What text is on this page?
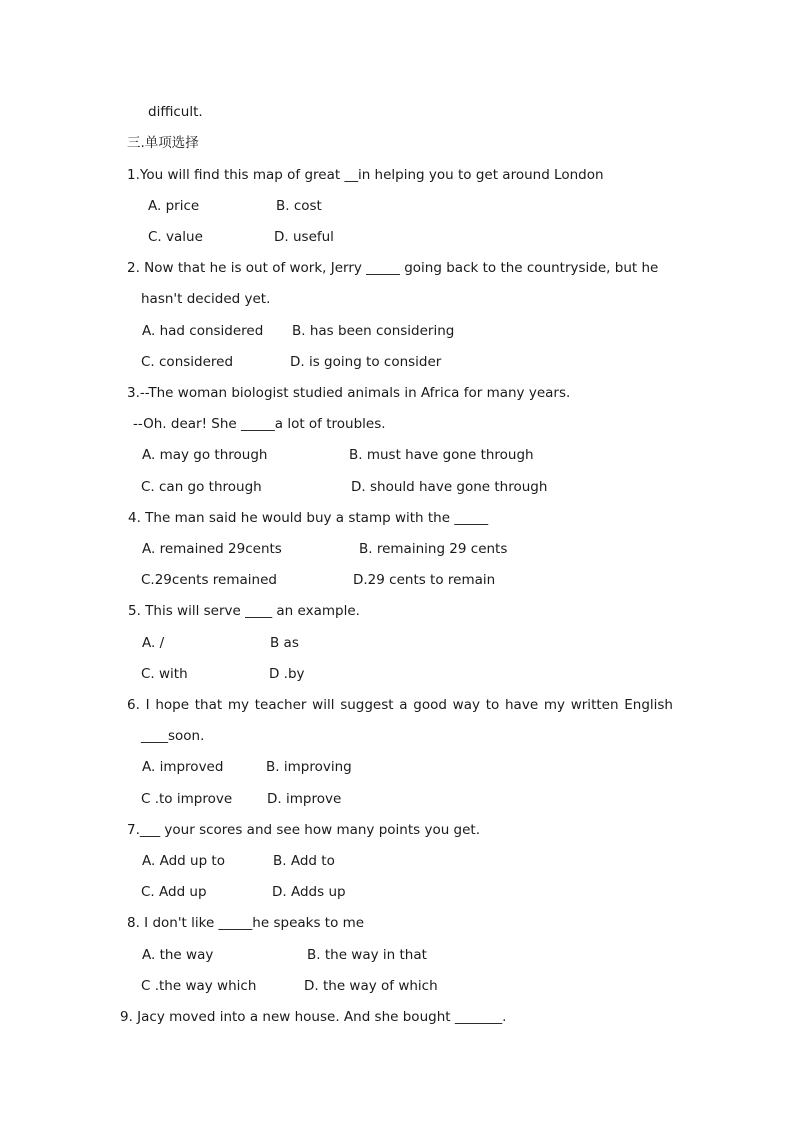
difficult.
三.单项选择
1.You will find this map of great __in helping you to get around London
A. price	B. cost
C. value	D. useful
2. Now that he is out of work, Jerry _____ going back to the countryside, but he
hasn't decided yet.
A. had considered B. has been considering
C. considered	D. is going to consider
3.--The woman biologist studied animals in Africa for many years.
--Oh. dear! She _____a lot of troubles.
A. may go through	B. must have gone through
C. can go through	D. should have gone through
4. The man said he would buy a stamp with the _____
A. remained 29cents	B. remaining 29 cents
C.29cents remained	D.29 cents to remain
5. This will serve ____ an example.
A. /	B as
C. with	D .by
6. I hope that my teacher will suggest a good way to have my written English
____soon.
A. improved	B. improving
C .to improve	D. improve
7.___ your scores and see how many points you get.
A. Add up to	B. Add to
C. Add up	D. Adds up
8. I don't like _____he speaks to me
A. the way	B. the way in that
C .the way which	D. the way of which
9. Jacy moved into a new house. And she bought _______.
